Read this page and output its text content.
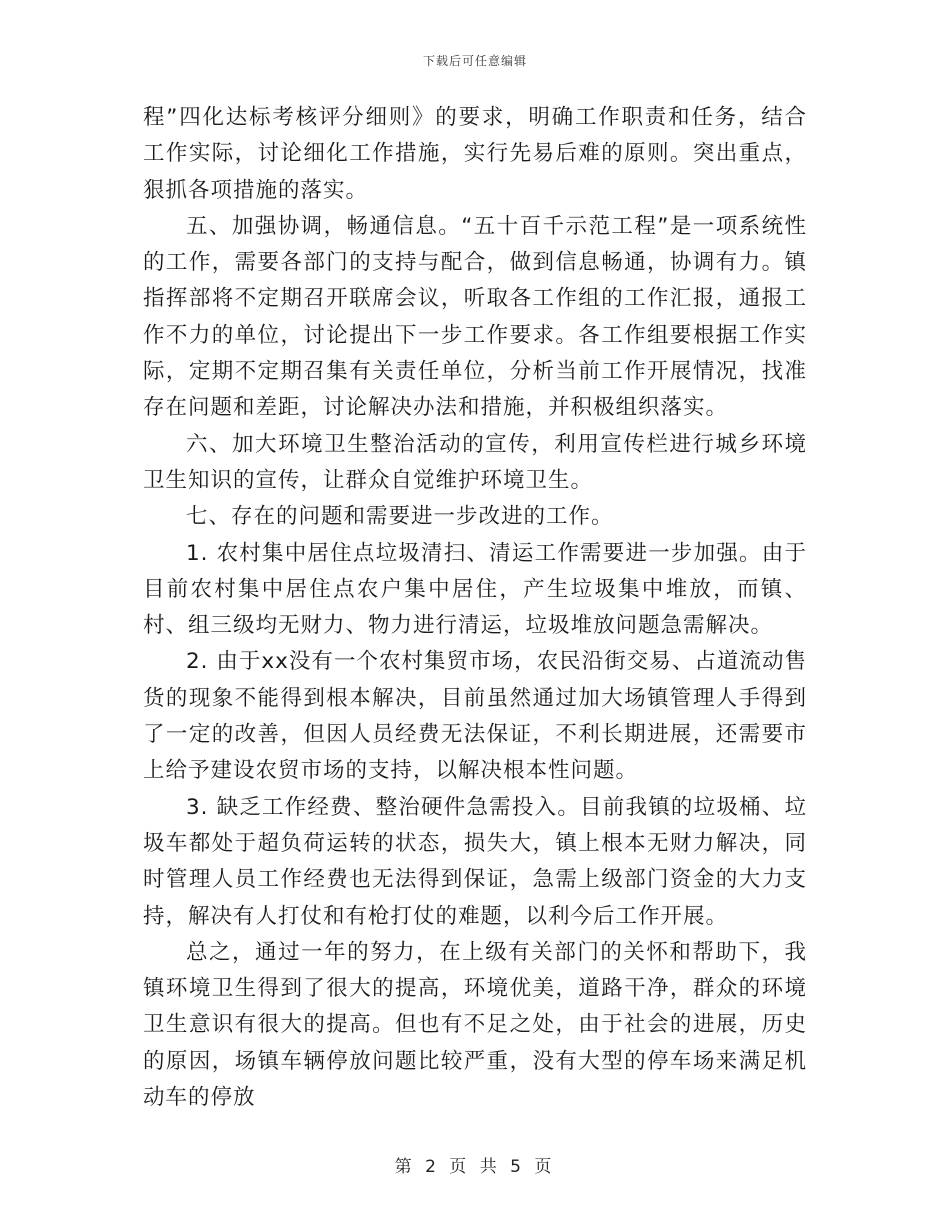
下载后可任意编辑

程”四化达标考核评分细则》的要求，明确工作职责和任务，结合工作实际，讨论细化工作措施，实行先易后难的原则。突出重点，狠抓各项措施的落实。

五、加强协调，畅通信息。“五十百千示范工程”是一项系统性的工作，需要各部门的支持与配合，做到信息畅通，协调有力。镇指挥部将不定期召开联席会议，听取各工作组的工作汇报，通报工作不力的单位，讨论提出下一步工作要求。各工作组要根据工作实际，定期不定期召集有关责任单位，分析当前工作开展情况，找准存在问题和差距，讨论解决办法和措施，并积极组织落实。

六、加大环境卫生整治活动的宣传，利用宣传栏进行城乡环境卫生知识的宣传，让群众自觉维护环境卫生。

七、存在的问题和需要进一步改进的工作。

1. 农村集中居住点垃圾清扫、清运工作需要进一步加强。由于目前农村集中居住点农户集中居住，产生垃圾集中堆放，而镇、村、组三级均无财力、物力进行清运，垃圾堆放问题急需解决。

2. 由于xx没有一个农村集贸市场，农民沿街交易、占道流动售货的现象不能得到根本解决，目前虽然通过加大场镇管理人手得到了一定的改善，但因人员经费无法保证，不利长期进展，还需要市上给予建设农贸市场的支持，以解决根本性问题。

3. 缺乏工作经费、整治硬件急需投入。目前我镇的垃圾桶、垃圾车都处于超负荷运转的状态，损失大，镇上根本无财力解决，同时管理人员工作经费也无法得到保证，急需上级部门资金的大力支持，解决有人打仗和有枪打仗的难题，以利今后工作开展。

总之，通过一年的努力，在上级有关部门的关怀和帮助下，我镇环境卫生得到了很大的提高，环境优美，道路干净，群众的环境卫生意识有很大的提高。但也有不足之处，由于社会的进展，历史的原因，场镇车辆停放问题比较严重，没有大型的停车场来满足机动车的停放

第 2 页 共 5 页
